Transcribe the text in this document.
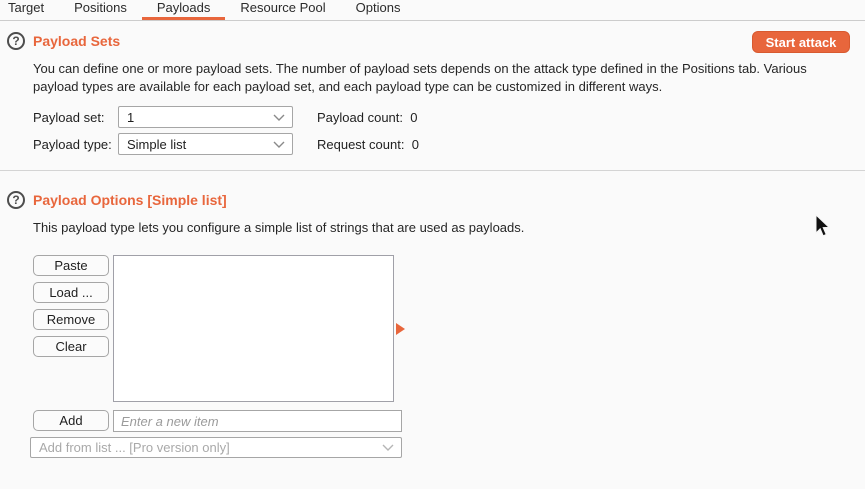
Target	Positions	Payloads	Resource Pool	Options
? Payload Sets	Start attack
You can define one or more payload sets. The number of payload sets depends on the attack type defined in the Positions tab. Various payload types are available for each payload set, and each payload type can be customized in different ways.
Payload set: 1	Payload count: 0
Payload type: Simple list	Request count: 0
? Payload Options [Simple list]
This payload type lets you configure a simple list of strings that are used as payloads.
Paste
Load ...
Remove
Clear
Add
Enter a new item
Add from list ... [Pro version only]
